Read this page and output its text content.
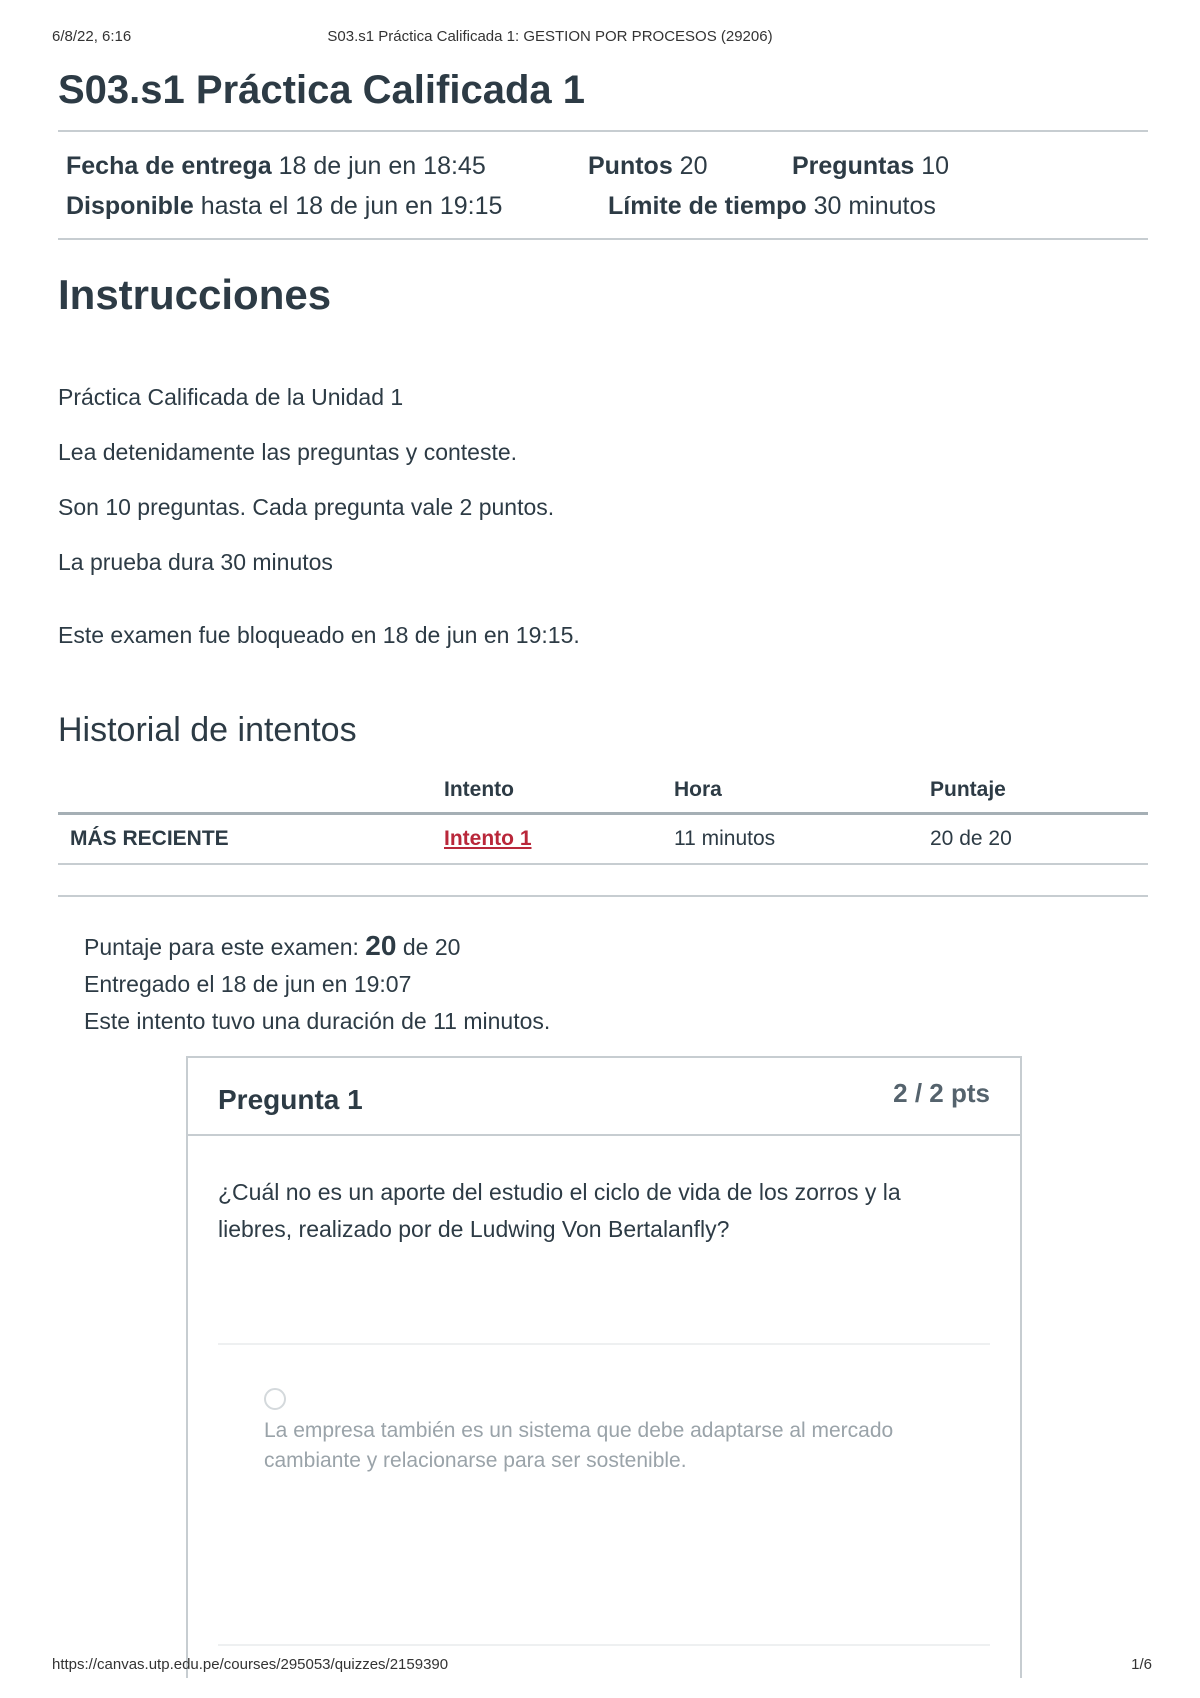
6/8/22, 6:16	S03.s1 Práctica Calificada 1: GESTION POR PROCESOS (29206)
S03.s1 Práctica Calificada 1
Fecha de entrega 18 de jun en 18:45	Puntos 20	Preguntas 10
Disponible hasta el 18 de jun en 19:15	Límite de tiempo 30 minutos
Instrucciones

Práctica Calificada de la Unidad 1

Lea detenidamente las preguntas y conteste.

Son 10 preguntas. Cada pregunta vale 2 puntos.

La prueba dura 30 minutos

Este examen fue bloqueado en 18 de jun en 19:15.
Historial de intentos
	Intento	Hora	Puntaje
MÁS RECIENTE	Intento 1	11 minutos	20 de 20
Puntaje para este examen: 20 de 20
Entregado el 18 de jun en 19:07
Este intento tuvo una duración de 11 minutos.
Pregunta 1	2 / 2 pts
¿Cuál no es un aporte del estudio el ciclo de vida de los zorros y la liebres, realizado por de Ludwing Von Bertalanfly?
La empresa también es un sistema que debe adaptarse al mercado cambiante y relacionarse para ser sostenible.
https://canvas.utp.edu.pe/courses/295053/quizzes/2159390	1/6
